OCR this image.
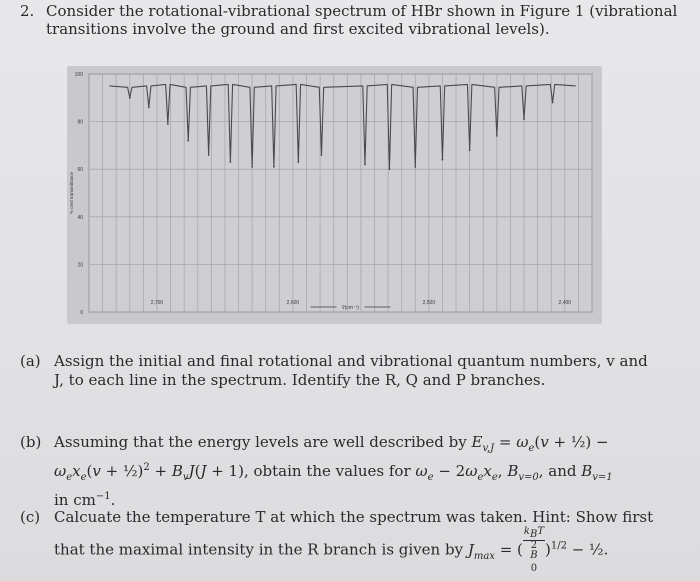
2. Consider the rotational-vibrational spectrum of HBr shown in Figure 1 (vibrational
transitions involve the ground and first excited vibrational levels).
100
80
60
40
20
0
2,700	2,600	2,500	2,400
% cent transmittance
ṽ(cm⁻¹)
(a) Assign the initial and final rotational and vibrational quantum numbers, v and
J, to each line in the spectrum. Identify the R, Q and P branches.
(b) Assuming that the energy levels are well described by $E_{v,J} = \omega_e(v$ + ½) −
$\omega_ex_e(v$ + ½)$^2$ + $B_vJ(J + 1)$, obtain the values for $\omega_e - 2\omega_ex_e$, $B_{v=0}$, and $B_{v=1}$
in $cm^{-1}$.
(c) Calcuate the temperature T at which the spectrum was taken. Hint: Show first
that the maximal intensity in the R branch is given by $J_{max}$ = ( $k_BT$
2
B
$_0$ )$^{1/2}$ − ½.
